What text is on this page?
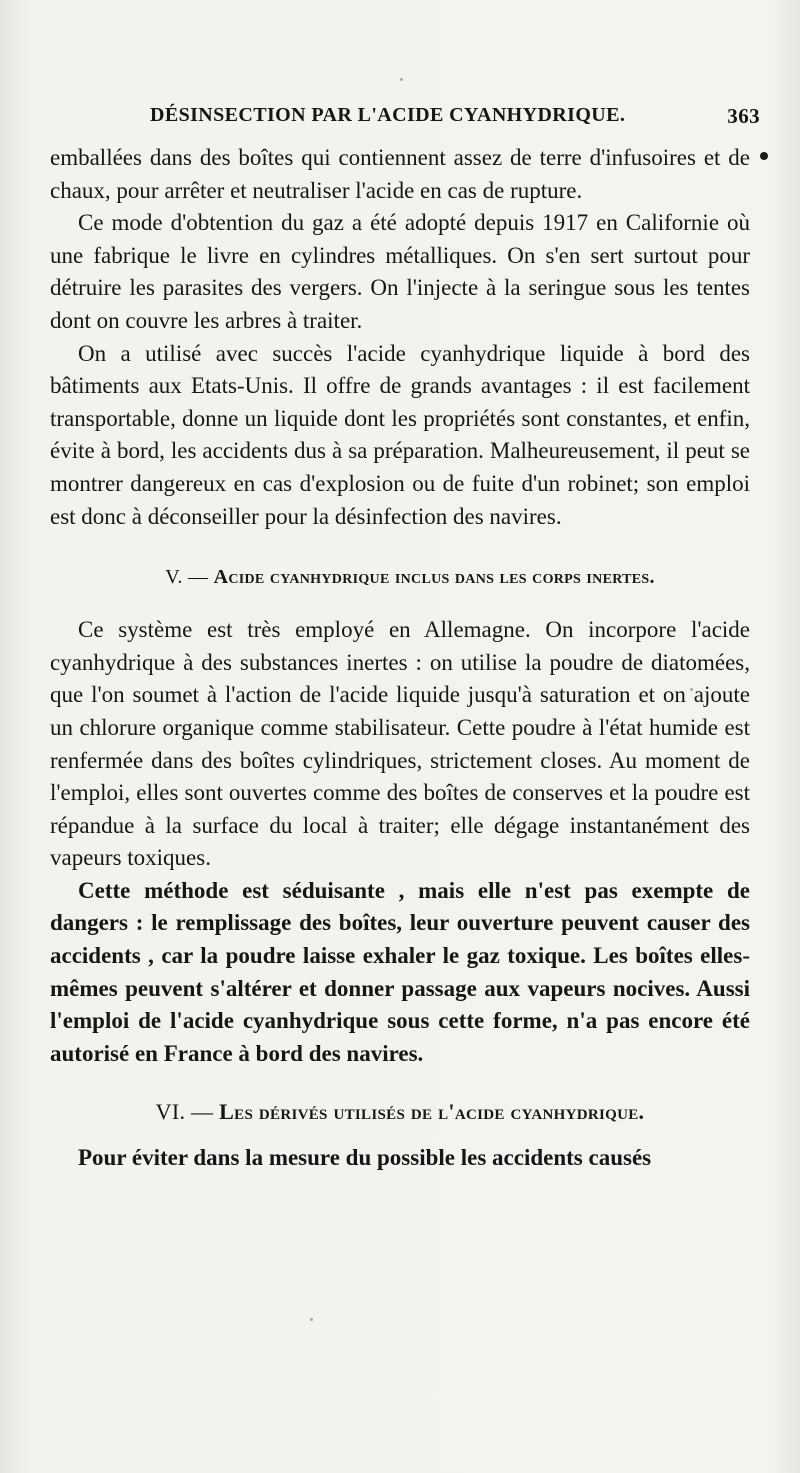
DÉSINSECTION PAR L'ACIDE CYANHYDRIQUE.	363

emballées dans des boîtes qui contiennent assez de terre d'infusoires et de chaux, pour arrêter et neutraliser l'acide en cas de rupture.

Ce mode d'obtention du gaz a été adopté depuis 1917 en Californie où une fabrique le livre en cylindres métalliques. On s'en sert surtout pour détruire les parasites des vergers. On l'injecte à la seringue sous les tentes dont on couvre les arbres à traiter.

On a utilisé avec succès l'acide cyanhydrique liquide à bord des bâtiments aux Etats-Unis. Il offre de grands avantages : il est facilement transportable, donne un liquide dont les propriétés sont constantes, et enfin, évite à bord, les accidents dus à sa préparation. Malheureusement, il peut se montrer dangereux en cas d'explosion ou de fuite d'un robinet; son emploi est donc à déconseiller pour la désinfection des navires.

V. — Acide cyanhydrique inclus dans les corps inertes.

Ce système est très employé en Allemagne. On incorpore l'acide cyanhydrique à des substances inertes : on utilise la poudre de diatomées, que l'on soumet à l'action de l'acide liquide jusqu'à saturation et on ajoute un chlorure organique comme stabilisateur. Cette poudre à l'état humide est renfermée dans des boîtes cylindriques, strictement closes. Au moment de l'emploi, elles sont ouvertes comme des boîtes de conserves et la poudre est répandue à la surface du local à traiter; elle dégage instantanément des vapeurs toxiques.

Cette méthode est séduisante , mais elle n'est pas exempte de dangers : le remplissage des boîtes, leur ouverture peuvent causer des accidents , car la poudre laisse exhaler le gaz toxique. Les boîtes elles-mêmes peuvent s'altérer et donner passage aux vapeurs nocives. Aussi l'emploi de l'acide cyanhydrique sous cette forme, n'a pas encore été autorisé en France à bord des navires.

VI. — Les dérivés utilisés de l'acide cyanhydrique.

Pour éviter dans la mesure du possible les accidents causés
